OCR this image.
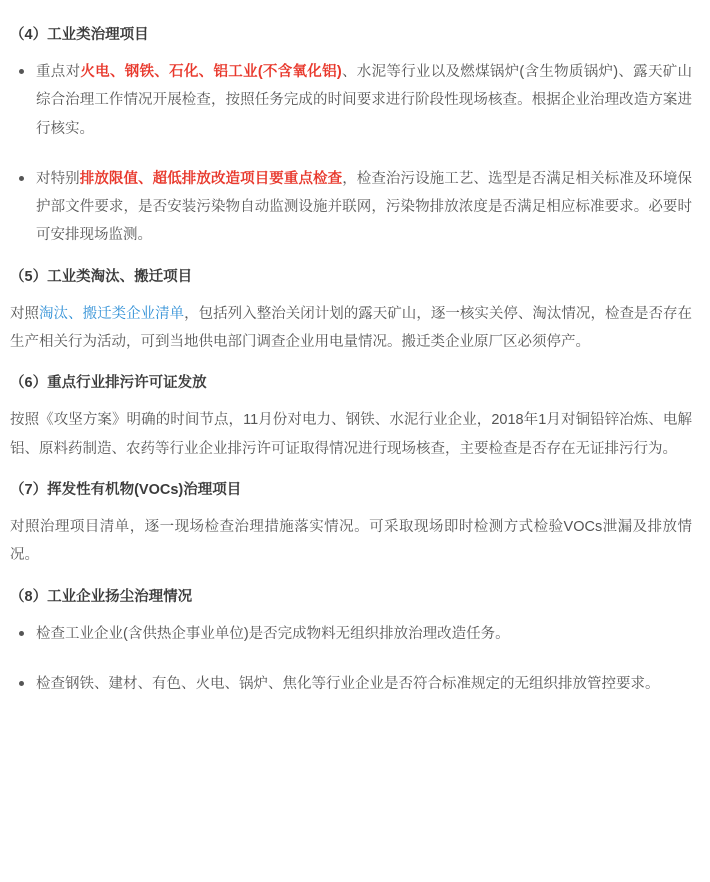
（4）工业类治理项目
重点对火电、钢铁、石化、铝工业(不含氧化铝)、水泥等行业以及燃煤锅炉(含生物质锅炉)、露天矿山综合治理工作情况开展检查，按照任务完成的时间要求进行阶段性现场核查。根据企业治理改造方案进行核实。
对特别排放限值、超低排放改造项目要重点检查，检查治污设施工艺、选型是否满足相关标准及环境保护部文件要求，是否安装污染物自动监测设施并联网，污染物排放浓度是否满足相应标准要求。必要时可安排现场监测。
（5）工业类淘汰、搬迁项目
对照淘汰、搬迁类企业清单，包括列入整治关闭计划的露天矿山，逐一核实关停、淘汰情况，检查是否存在生产相关行为活动，可到当地供电部门调查企业用电量情况。搬迁类企业原厂区必须停产。
（6）重点行业排污许可证发放
按照《攻坚方案》明确的时间节点，11月份对电力、钢铁、水泥行业企业，2018年1月对铜铅锌冶炼、电解铝、原料药制造、农药等行业企业排污许可证取得情况进行现场核查，主要检查是否存在无证排污行为。
（7）挥发性有机物(VOCs)治理项目
对照治理项目清单，逐一现场检查治理措施落实情况。可采取现场即时检测方式检验VOCs泄漏及排放情况。
（8）工业企业扬尘治理情况
检查工业企业(含供热企事业单位)是否完成物料无组织排放治理改造任务。
检查钢铁、建材、有色、火电、锅炉、焦化等行业企业是否符合标准规定的无组织排放管控要求。
